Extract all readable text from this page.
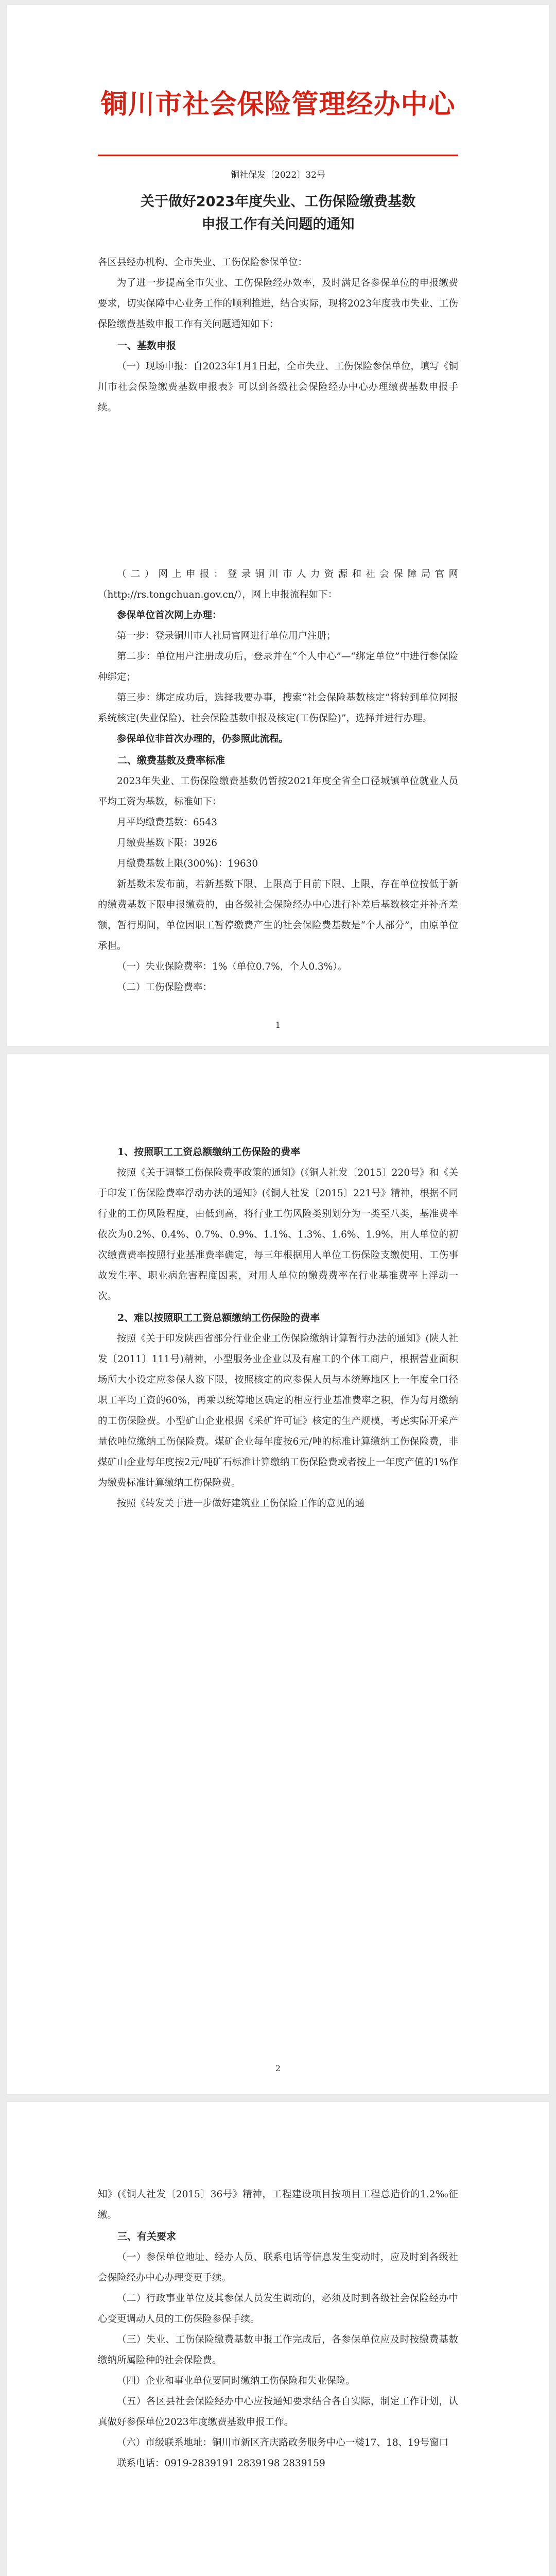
铜川市社会保险管理经办中心
铜社保发〔2022〕32号

关于做好2023年度失业、工伤保险缴费基数

申报工作有关问题的通知

各区县经办机构、全市失业、工伤保险参保单位：

为了进一步提高全市失业、工伤保险经办效率，及时满足各参保单位的申报缴费要求，切实保障中心业务工作的顺利推进，结合实际，现将2023年度我市失业、工伤保险缴费基数申报工作有关问题通知如下：

一、基数申报

（一）现场申报：自2023年1月1日起，全市失业、工伤保险参保单位，填写《铜川市社会保险缴费基数申报表》可以到各级社会保险经办中心办理缴费基数申报手续。

（二）网上申报：登录铜川市人力资源和社会保障局官网（http://rs.tongchuan.gov.cn/），网上申报流程如下：

参保单位首次网上办理：

第一步：登录铜川市人社局官网进行单位用户注册；

第二步：单位用户注册成功后，登录并在“个人中心”—“绑定单位”中进行参保险种绑定；

第三步：绑定成功后，选择我要办事，搜索“社会保险基数核定”将转到单位网报系统核定(失业保险)、社会保险基数申报及核定(工伤保险)”，选择并进行办理。

参保单位非首次办理的，仍参照此流程。

二、缴费基数及费率标准

2023年失业、工伤保险缴费基数仍暂按2021年度全省全口径城镇单位就业人员平均工资为基数，标准如下：

月平均缴费基数：6543

月缴费基数下限：3926

月缴费基数上限(300%)：19630

新基数未发布前，若新基数下限、上限高于目前下限、上限，存在单位按低于新的缴费基数下限申报缴费的，由各级社会保险经办中心进行补差后基数核定并补齐差额，暂行期间，单位因职工暂停缴费产生的社会保险费基数是“个人部分”，由原单位承担。

（一）失业保险费率：1%（单位0.7%，个人0.3%）。

（二）工伤保险费率：

1

1、按照职工工资总额缴纳工伤保险的费率

按照《关于调整工伤保险费率政策的通知》(《铜人社发〔2015〕220号》和《关于印发工伤保险费率浮动办法的通知》(《铜人社发〔2015〕221号》精神，根据不同行业的工伤风险程度，由低到高，将行业工伤风险类别划分为一类至八类，基准费率依次为0.2%、0.4%、0.7%、0.9%、1.1%、1.3%、1.6%、1.9%，用人单位的初次缴费费率按照行业基准费率确定，每三年根据用人单位工伤保险支缴使用、工伤事故发生率、职业病危害程度因素，对用人单位的缴费费率在行业基准费率上浮动一次。

2、难以按照职工工资总额缴纳工伤保险的费率

按照《关于印发陕西省部分行业企业工伤保险缴纳计算暂行办法的通知》(陕人社发〔2011〕111号)精神，小型服务业企业以及有雇工的个体工商户，根据营业面积场所大小设定应参保人数下限，按照核定的应参保人员与本统筹地区上一年度全口径职工平均工资的60%，再乘以统筹地区确定的相应行业基准费率之积，作为每月缴纳的工伤保险费。小型矿山企业根据《采矿许可证》核定的生产规模，考虑实际开采产量依吨位缴纳工伤保险费。煤矿企业每年度按6元/吨的标准计算缴纳工伤保险费，非煤矿山企业每年度按2元/吨矿石标准计算缴纳工伤保险费或者按上一年度产值的1%作为缴费标准计算缴纳工伤保险费。

按照《转发关于进一步做好建筑业工伤保险工作的意见的通

2

知》(《铜人社发〔2015〕36号》精神，工程建设项目按项目工程总造价的1.2‰征缴。

三、有关要求

（一）参保单位地址、经办人员、联系电话等信息发生变动时，应及时到各级社会保险经办中心办理变更手续。

（二）行政事业单位及其参保人员发生调动的，必须及时到各级社会保险经办中心变更调动人员的工伤保险参保手续。

（三）失业、工伤保险缴费基数申报工作完成后，各参保单位应及时按缴费基数缴纳所属险种的社会保险费。

（四）企业和事业单位要同时缴纳工伤保险和失业保险。

（五）各区县社会保险经办中心应按通知要求结合各自实际，制定工作计划，认真做好参保单位2023年度缴费基数申报工作。

（六）市级联系地址：铜川市新区齐庆路政务服务中心一楼17、18、19号窗口

联系电话：0919-2839191 2839198 2839159
